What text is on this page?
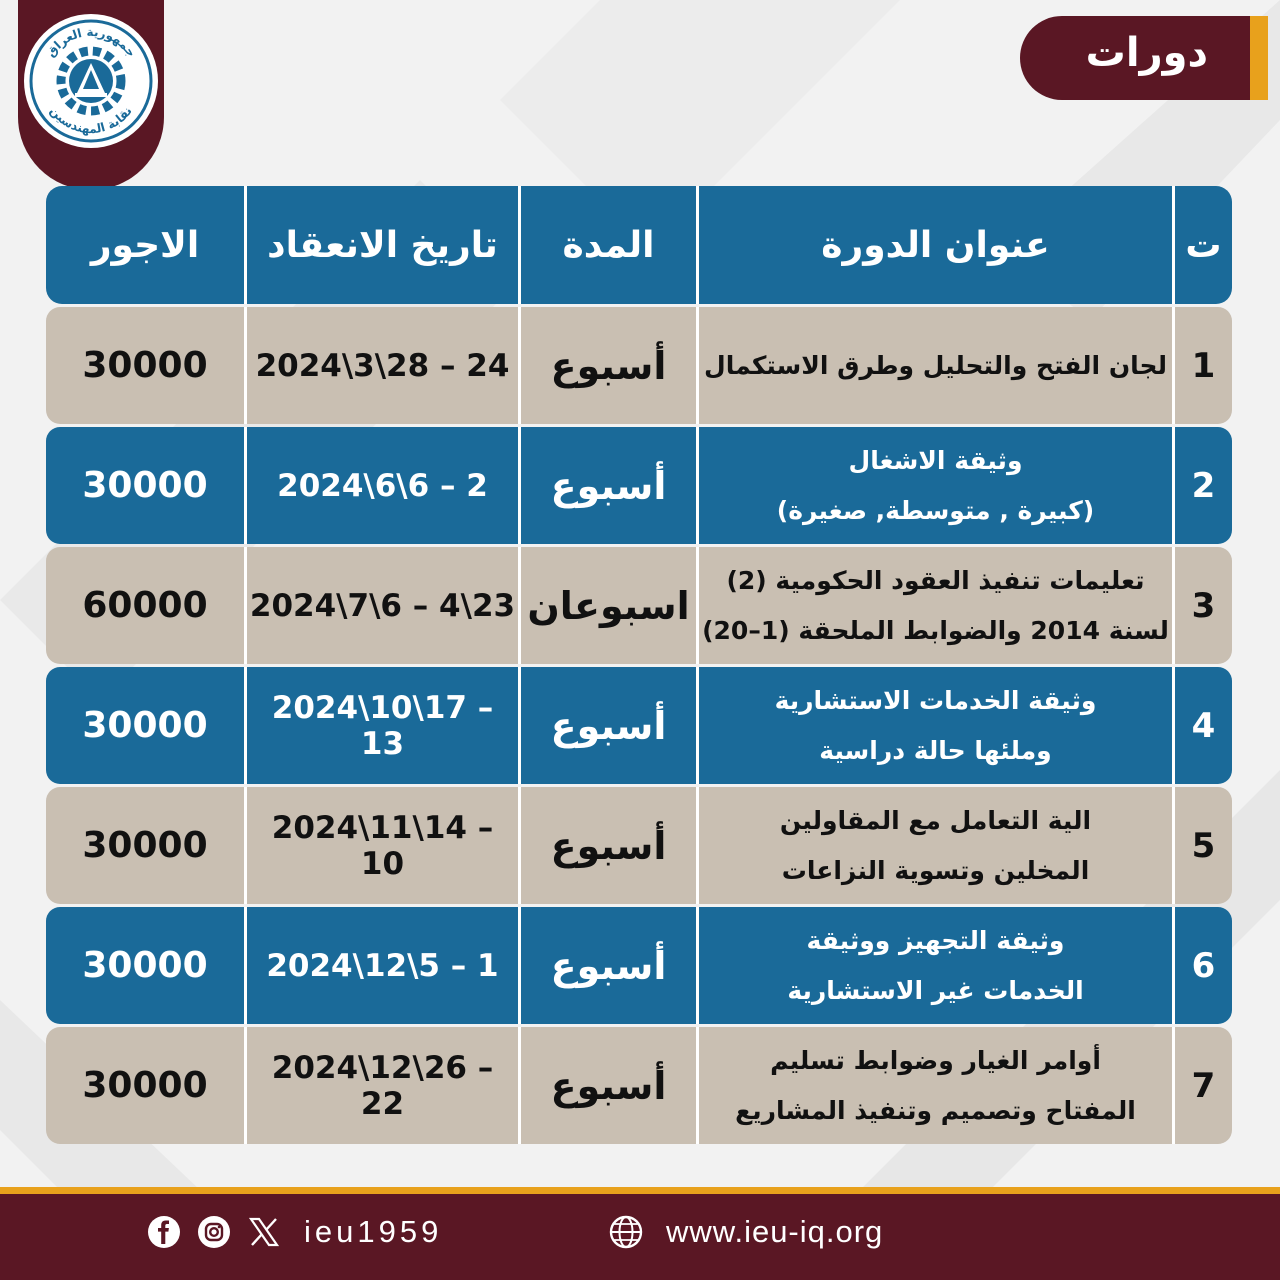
جمهورية العراق
نقابة المهندسين
دورات
ت
عنوان الدورة
المدة
تاريخ الانعقاد
الاجور
1
لجان الفتح والتحليل وطرق الاستكمال
أسبوع
2024\3\28 – 24
30000
2
وثيقة الاشغال
(كبيرة , متوسطة, صغيرة)
أسبوع
2024\6\6 – 2
30000
3
تعليمات تنفيذ العقود الحكومية (2)
لسنة 2014 والضوابط الملحقة (1–20)
اسبوعان
2024\7\6 – 4\23
60000
4
وثيقة الخدمات الاستشارية
وملئها حالة دراسية
أسبوع
2024\10\17 – 13
30000
5
الية التعامل مع المقاولين
المخلين وتسوية النزاعات
أسبوع
2024\11\14 – 10
30000
6
وثيقة التجهيز ووثيقة
الخدمات غير الاستشارية
أسبوع
2024\12\5 – 1
30000
7
أوامر الغيار وضوابط تسليم
المفتاح وتصميم وتنفيذ المشاريع
أسبوع
2024\12\26 – 22
30000
ieu1959	www.ieu-iq.org
